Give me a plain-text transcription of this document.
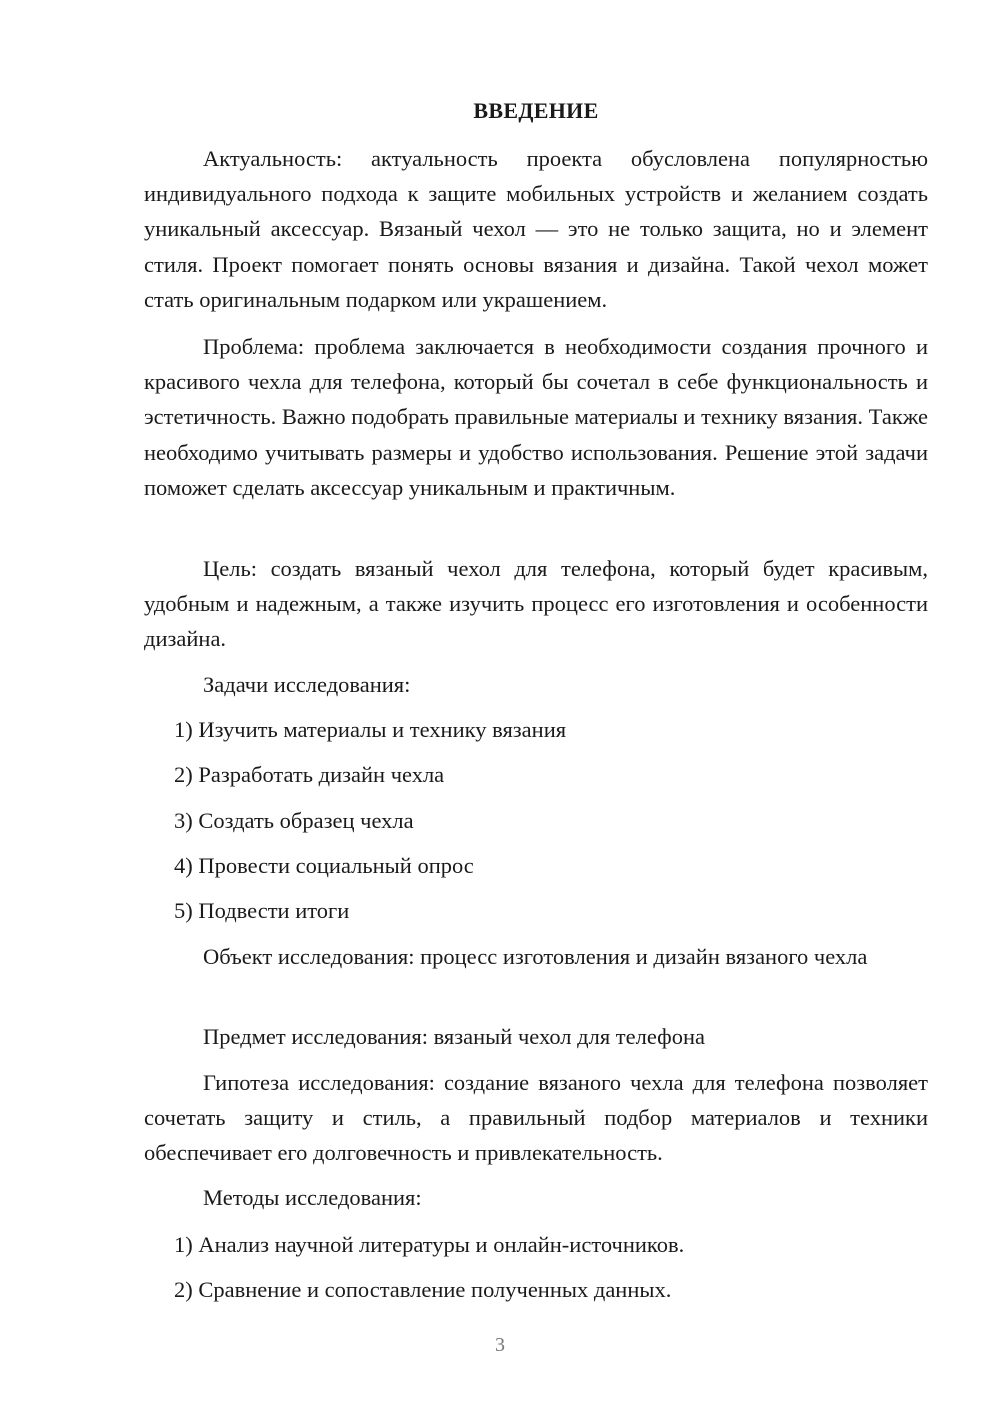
ВВЕДЕНИЕ

Актуальность: актуальность проекта обусловлена популярностью индивидуального подхода к защите мобильных устройств и желанием создать уникальный аксессуар. Вязаный чехол — это не только защита, но и элемент стиля. Проект помогает понять основы вязания и дизайна. Такой чехол может стать оригинальным подарком или украшением.

Проблема: проблема заключается в необходимости создания прочного и красивого чехла для телефона, который бы сочетал в себе функциональность и эстетичность. Важно подобрать правильные материалы и технику вязания. Также необходимо учитывать размеры и удобство использования. Решение этой задачи поможет сделать аксессуар уникальным и практичным.

Цель: создать вязаный чехол для телефона, который будет красивым, удобным и надежным, а также изучить процесс его изготовления и особенности дизайна.

Задачи исследования:
1) Изучить материалы и технику вязания
2) Разработать дизайн чехла
3) Создать образец чехла
4) Провести социальный опрос
5) Подвести итоги

Объект исследования: процесс изготовления и дизайн вязаного чехла

Предмет исследования: вязаный чехол для телефона

Гипотеза исследования: создание вязаного чехла для телефона позволяет сочетать защиту и стиль, а правильный подбор материалов и техники обеспечивает его долговечность и привлекательность.

Методы исследования:
1) Анализ научной литературы и онлайн-источников.
2) Сравнение и сопоставление полученных данных.
3
